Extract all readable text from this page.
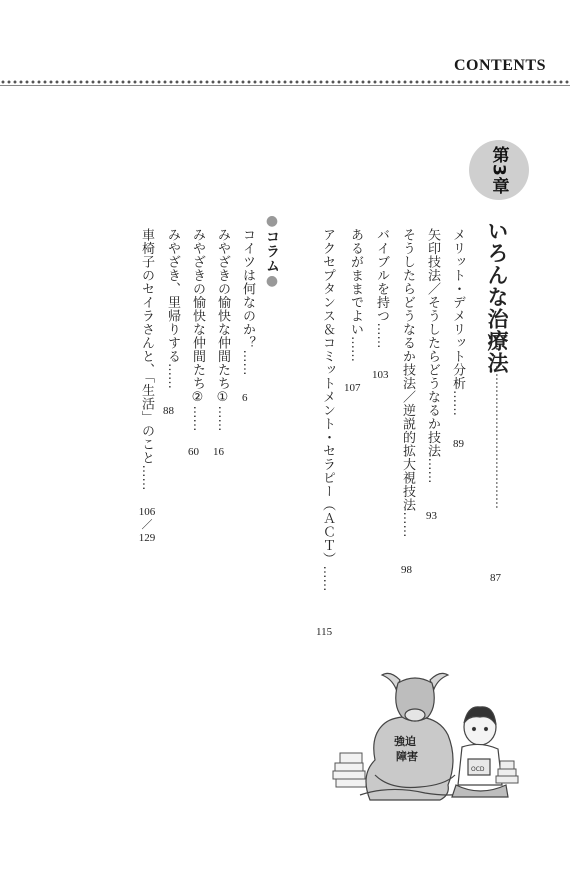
CONTENTS
第3章
いろんな治療法
………………………………
87
メリット・デメリット分析……
89
矢印技法／そうしたらどうなるか技法……
93
そうしたらどうなるか技法／逆説的拡大視技法……
98
バイブルを持つ……
103
あるがままでよい……
107
アクセプタンス＆コミットメント・セラピー（ＡＣＴ）……
115
●コラム●
コイツは何なのか？……
6
みやざきの愉快な仲間たち①……
16
みやざきの愉快な仲間たち②……
60
みやざき、里帰りする……
88
車椅子のセイラさんと、「生活」のこと……
106／129
強迫
障害
OCD
